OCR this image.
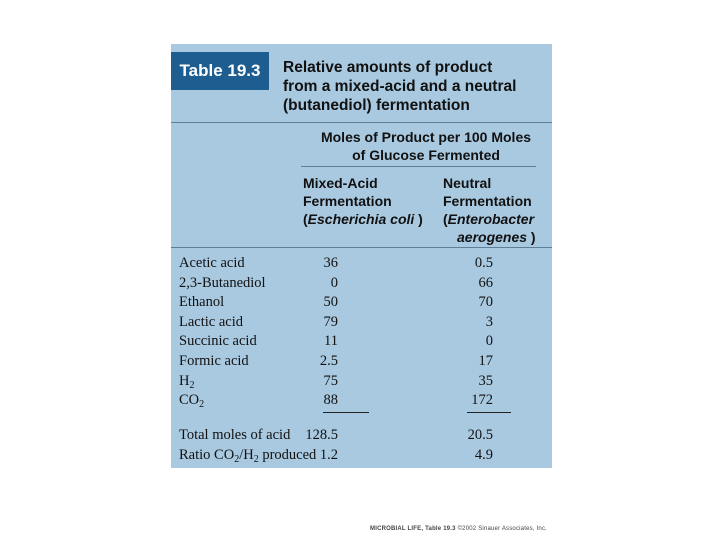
Table 19.3	Relative amounts of product
from a mixed-acid and a neutral
(butanediol) fermentation
Moles of Product per 100 Moles
of Glucose Fermented
Mixed-Acid
Fermentation
(Escherichia coli )
Neutral
Fermentation
(Enterobacter
aerogenes )
Acetic acid	36	0.5
2,3-Butanediol	0	66
Ethanol	50	70
Lactic acid	79	3
Succinic acid	11	0
Formic acid	2.5	17
$H_2$	75	35
$CO_2$	88	172
Total moles of acid 128.5	20.5
Ratio $CO_2/H_2$ produced 1.2	4.9
MICROBIAL LIFE, Table 19.3 ©2002 Sinauer Associates, Inc.
